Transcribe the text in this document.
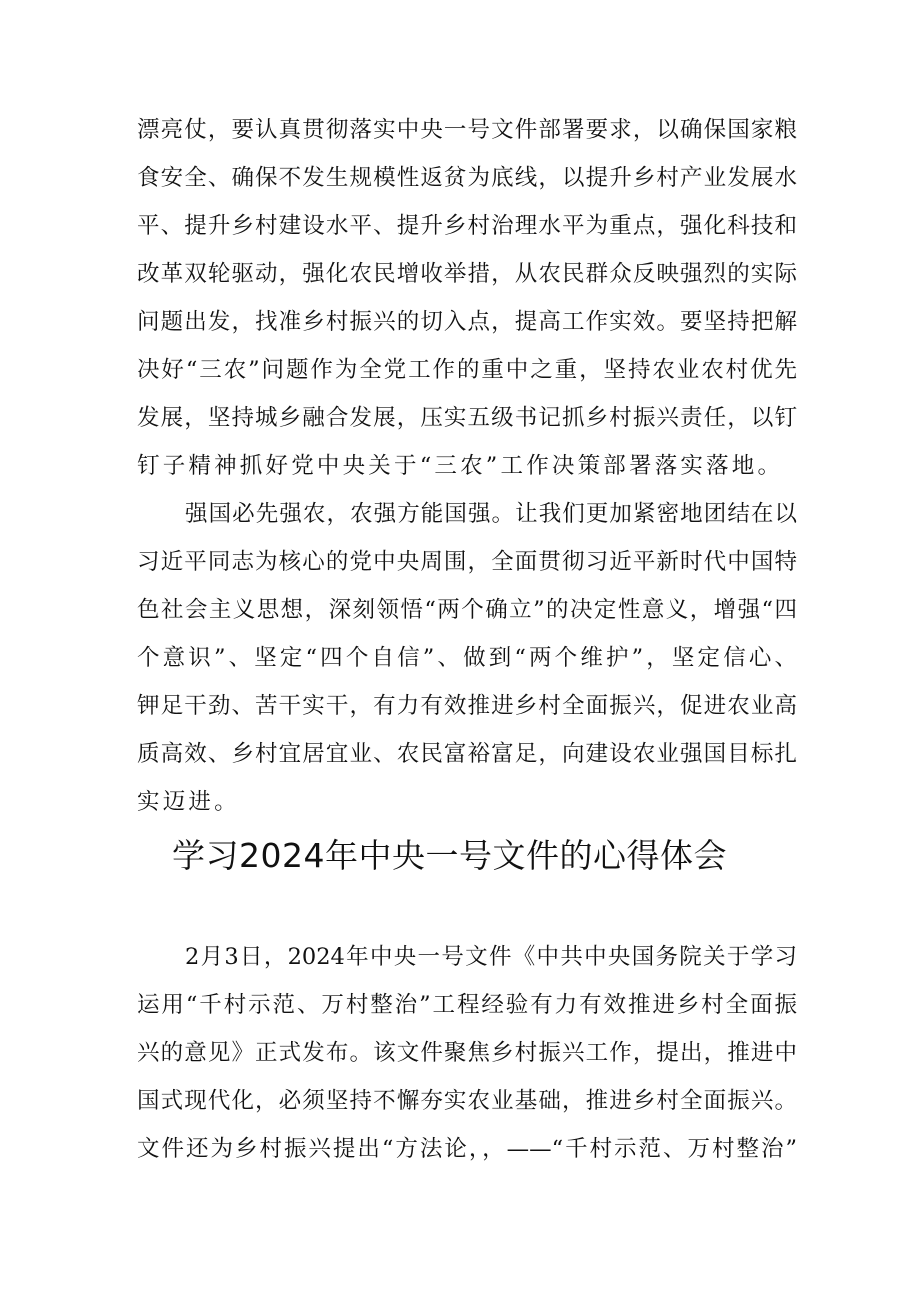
漂亮仗，要认真贯彻落实中央一号文件部署要求，以确保国家粮
食安全、确保不发生规模性返贫为底线，以提升乡村产业发展水
平、提升乡村建设水平、提升乡村治理水平为重点，强化科技和
改革双轮驱动，强化农民增收举措，从农民群众反映强烈的实际
问题出发，找准乡村振兴的切入点，提高工作实效。要坚持把解
决好“三农”问题作为全党工作的重中之重，坚持农业农村优先
发展，坚持城乡融合发展，压实五级书记抓乡村振兴责任，以钉
钉子精神抓好党中央关于“三农”工作决策部署落实落地。
强国必先强农，农强方能国强。让我们更加紧密地团结在以
习近平同志为核心的党中央周围，全面贯彻习近平新时代中国特
色社会主义思想，深刻领悟“两个确立”的决定性意义，增强“四
个意识”、坚定“四个自信”、做到“两个维护”，坚定信心、
钾足干劲、苦干实干，有力有效推进乡村全面振兴，促进农业高
质高效、乡村宜居宜业、农民富裕富足，向建设农业强国目标扎
实迈进。
学习2024年中央一号文件的心得体会
2月3日，2024年中央一号文件《中共中央国务院关于学习
运用“千村示范、万村整治”工程经验有力有效推进乡村全面振
兴的意见》正式发布。该文件聚焦乡村振兴工作，提出，推进中
国式现代化，必须坚持不懈夯实农业基础，推进乡村全面振兴。
文件还为乡村振兴提出“方法论，，——“千村示范、万村整治”
